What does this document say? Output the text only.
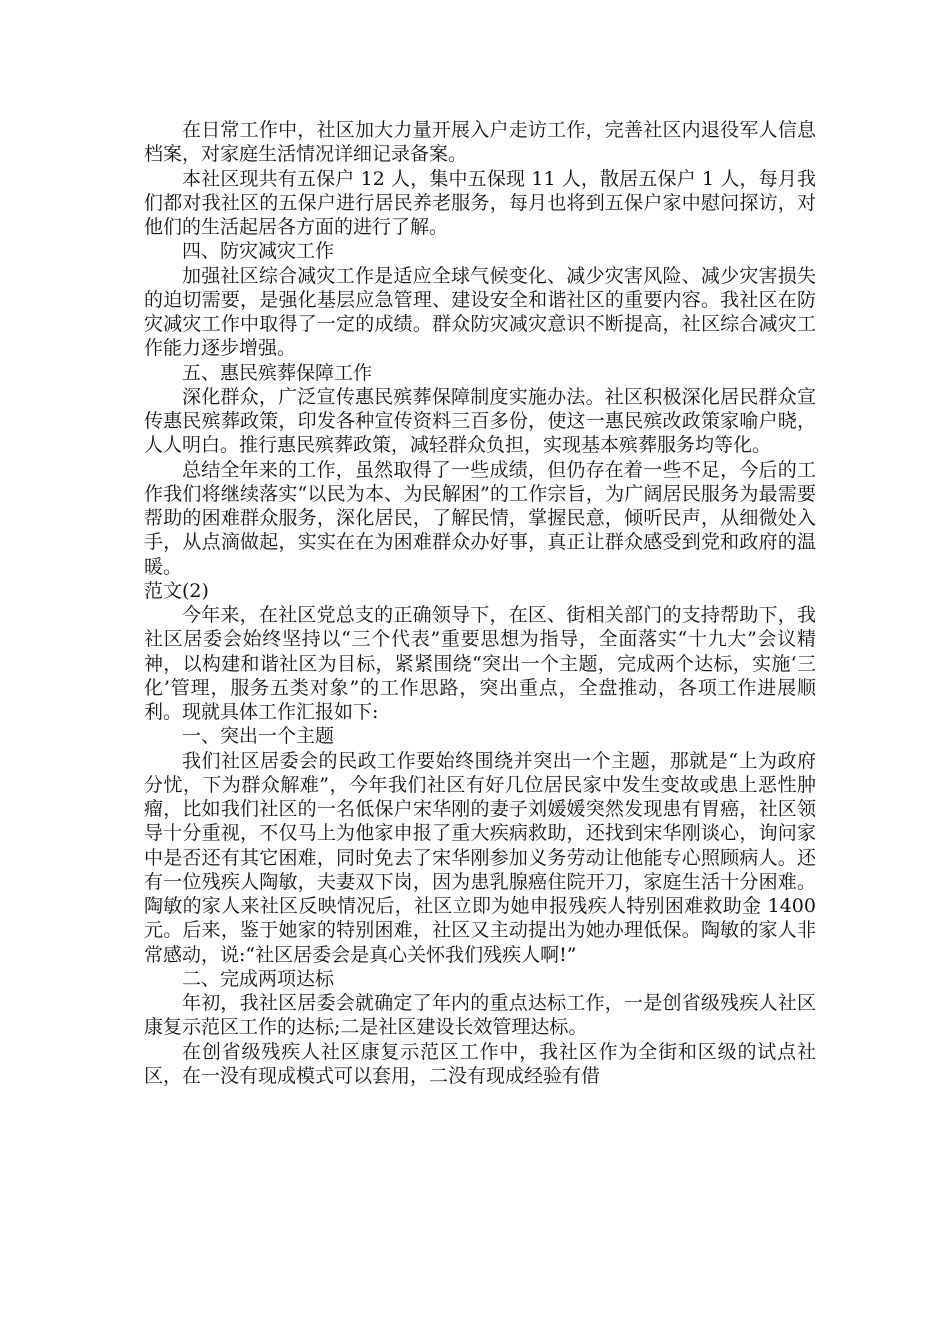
在日常工作中，社区加大力量开展入户走访工作，完善社区内退役军人信息档案，对家庭生活情况详细记录备案。

本社区现共有五保户 12 人，集中五保现 11 人，散居五保户 1 人，每月我们都对我社区的五保户进行居民养老服务，每月也将到五保户家中慰问探访，对他们的生活起居各方面的进行了解。

四、防灾减灾工作

加强社区综合减灾工作是适应全球气候变化、减少灾害风险、减少灾害损失的迫切需要，是强化基层应急管理、建设安全和谐社区的重要内容。我社区在防灾减灾工作中取得了一定的成绩。群众防灾减灾意识不断提高，社区综合减灾工作能力逐步增强。

五、惠民殡葬保障工作

深化群众，广泛宣传惠民殡葬保障制度实施办法。社区积极深化居民群众宣传惠民殡葬政策，印发各种宣传资料三百多份，使这一惠民殡改政策家喻户晓，人人明白。推行惠民殡葬政策，减轻群众负担，实现基本殡葬服务均等化。

总结全年来的工作，虽然取得了一些成绩，但仍存在着一些不足，今后的工作我们将继续落实“以民为本、为民解困”的工作宗旨，为广阔居民服务为最需要帮助的困难群众服务，深化居民，了解民情，掌握民意，倾听民声，从细微处入手，从点滴做起，实实在在为困难群众办好事，真正让群众感受到党和政府的温暖。

范文(2)

今年来，在社区党总支的正确领导下，在区、街相关部门的支持帮助下，我社区居委会始终坚持以“三个代表”重要思想为指导，全面落实“十九大”会议精神，以构建和谐社区为目标，紧紧围绕“突出一个主题，完成两个达标，实施‘三化’管理，服务五类对象”的工作思路，突出重点，全盘推动，各项工作进展顺利。现就具体工作汇报如下:

一、突出一个主题

我们社区居委会的民政工作要始终围绕并突出一个主题，那就是“上为政府分忧，下为群众解难”，今年我们社区有好几位居民家中发生变故或患上恶性肿瘤，比如我们社区的一名低保户宋华刚的妻子刘媛媛突然发现患有胃癌，社区领导十分重视，不仅马上为他家申报了重大疾病救助，还找到宋华刚谈心，询问家中是否还有其它困难，同时免去了宋华刚参加义务劳动让他能专心照顾病人。还有一位残疾人陶敏，夫妻双下岗，因为患乳腺癌住院开刀，家庭生活十分困难。陶敏的家人来社区反映情况后，社区立即为她申报残疾人特别困难救助金 1400 元。后来，鉴于她家的特别困难，社区又主动提出为她办理低保。陶敏的家人非常感动，说:“社区居委会是真心关怀我们残疾人啊!”

二、完成两项达标

年初，我社区居委会就确定了年内的重点达标工作，一是创省级残疾人社区康复示范区工作的达标;二是社区建设长效管理达标。

在创省级残疾人社区康复示范区工作中，我社区作为全街和区级的试点社区，在一没有现成模式可以套用，二没有现成经验有借
